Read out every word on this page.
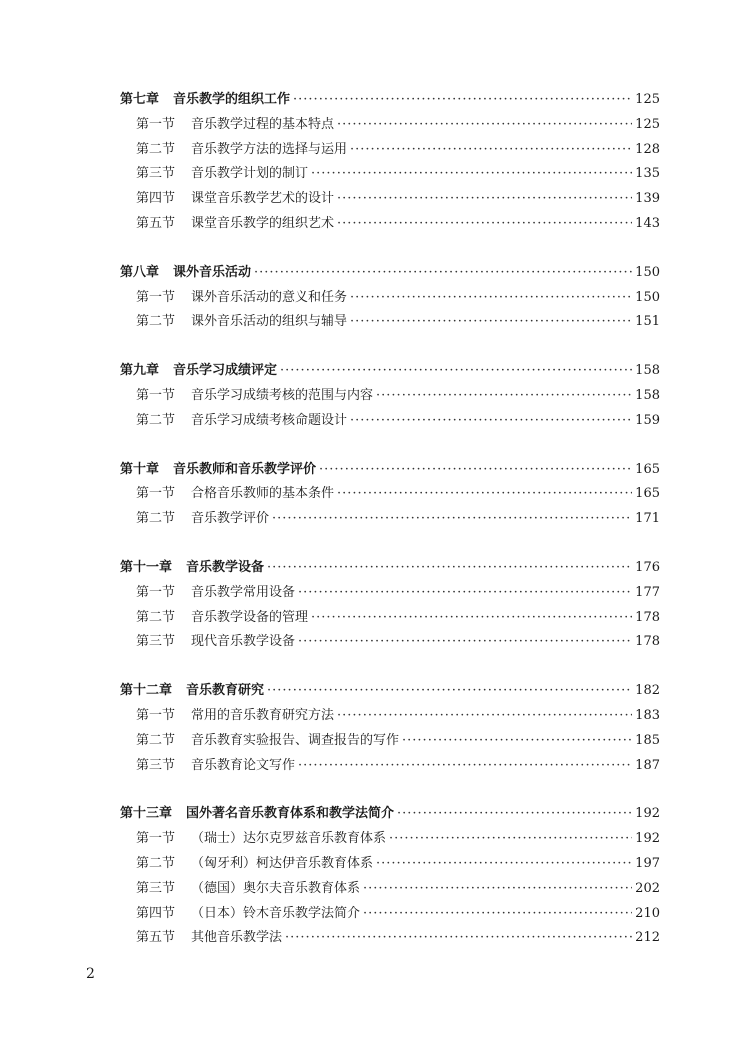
第七章 音乐教学的组织工作 ·····	125
第一节 音乐教学过程的基本特点 ·····	125
第二节 音乐教学方法的选择与运用 ·····	128
第三节 音乐教学计划的制订 ·····	135
第四节 课堂音乐教学艺术的设计 ·····	139
第五节 课堂音乐教学的组织艺术 ·····	143
第八章 课外音乐活动 ·····	150
第一节 课外音乐活动的意义和任务 ·····	150
第二节 课外音乐活动的组织与辅导 ·····	151
第九章 音乐学习成绩评定 ·····	158
第一节 音乐学习成绩考核的范围与内容 ·····	158
第二节 音乐学习成绩考核命题设计 ·····	159
第十章 音乐教师和音乐教学评价 ·····	165
第一节 合格音乐教师的基本条件 ·····	165
第二节 音乐教学评价 ·····	171
第十一章 音乐教学设备 ·····	176
第一节 音乐教学常用设备 ·····	177
第二节 音乐教学设备的管理 ·····	178
第三节 现代音乐教学设备 ·····	178
第十二章 音乐教育研究 ·····	182
第一节 常用的音乐教育研究方法 ·····	183
第二节 音乐教育实验报告、调查报告的写作 ·····	185
第三节 音乐教育论文写作 ·····	187
第十三章 国外著名音乐教育体系和教学法简介 ·····	192
第一节 （瑞士）达尔克罗兹音乐教育体系 ·····	192
第二节 （匈牙利）柯达伊音乐教育体系 ·····	197
第三节 （德国）奥尔夫音乐教育体系 ·····	202
第四节 （日本）铃木音乐教学法简介 ·····	210
第五节 其他音乐教学法 ·····	212
2
